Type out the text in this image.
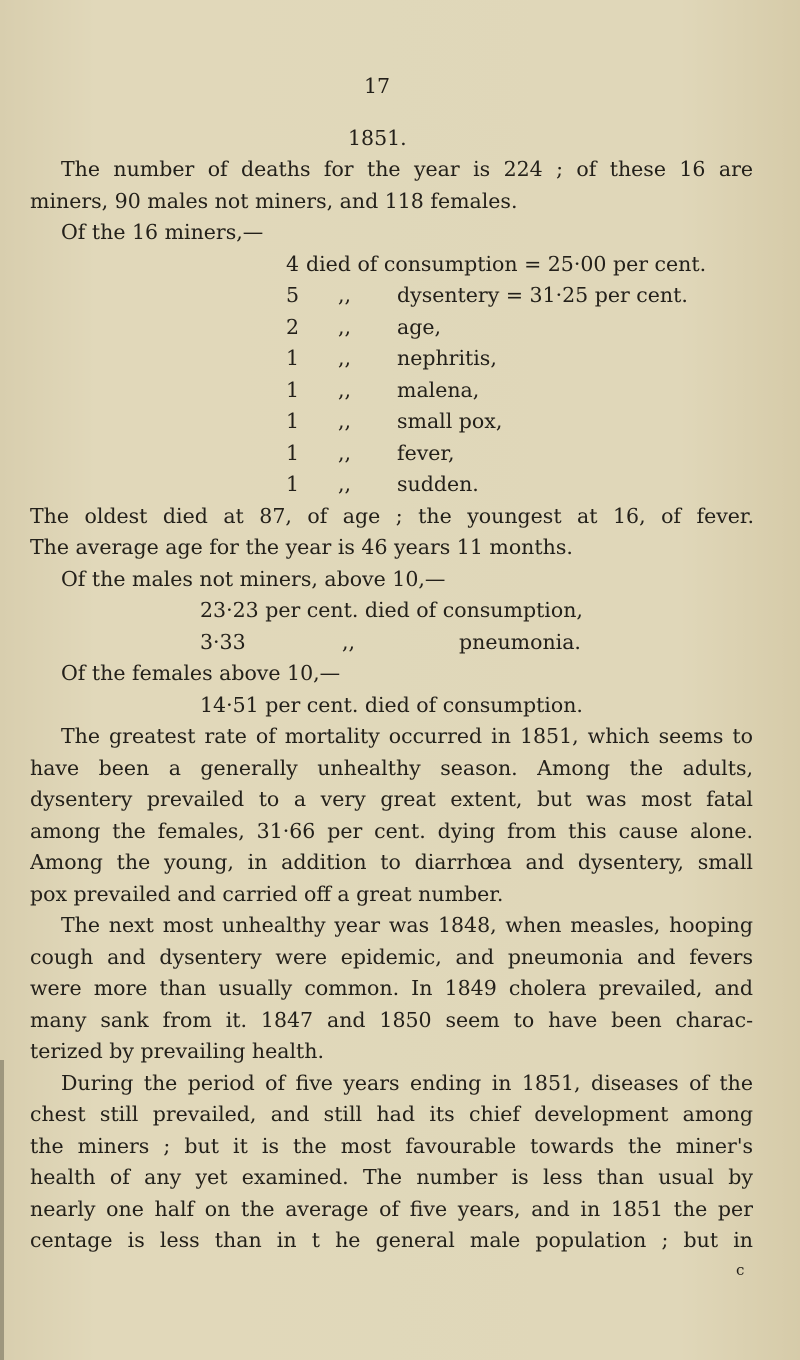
17
1851.
The number of deaths for the year is 224 ; of these 16 are
miners, 90 males not miners, and 118 females.
Of the 16 miners,—
4 died of consumption = 25·00 per cent.
5	,, dysentery = 31·25 per cent.
2	,, age,
1	,, nephritis,
1	,, malena,
1	,, small pox,
1	,, fever,
1	,, sudden.
The oldest died at 87, of age ; the youngest at 16, of fever.
The average age for the year is 46 years 11 months.
Of the males not miners, above 10,—
23·23 per cent. died of consumption,
3·33	,,	pneumonia.
Of the females above 10,—
14·51 per cent. died of consumption.
The greatest rate of mortality occurred in 1851, which seems to
have been a generally unhealthy season. Among the adults,
dysentery prevailed to a very great extent, but was most fatal
among the females, 31·66 per cent. dying from this cause alone.
Among the young, in addition to diarrhœa and dysentery, small
pox prevailed and carried off a great number.
The next most unhealthy year was 1848, when measles, hooping
cough and dysentery were epidemic, and pneumonia and fevers
were more than usually common. In 1849 cholera prevailed, and
many sank from it. 1847 and 1850 seem to have been charac-
terized by prevailing health.
During the period of five years ending in 1851, diseases of the
chest still prevailed, and still had its chief development among
the miners ; but it is the most favourable towards the miner's
health of any yet examined. The number is less than usual by
nearly one half on the average of five years, and in 1851 the per
centage is less than in t he general male population ; but in
c
